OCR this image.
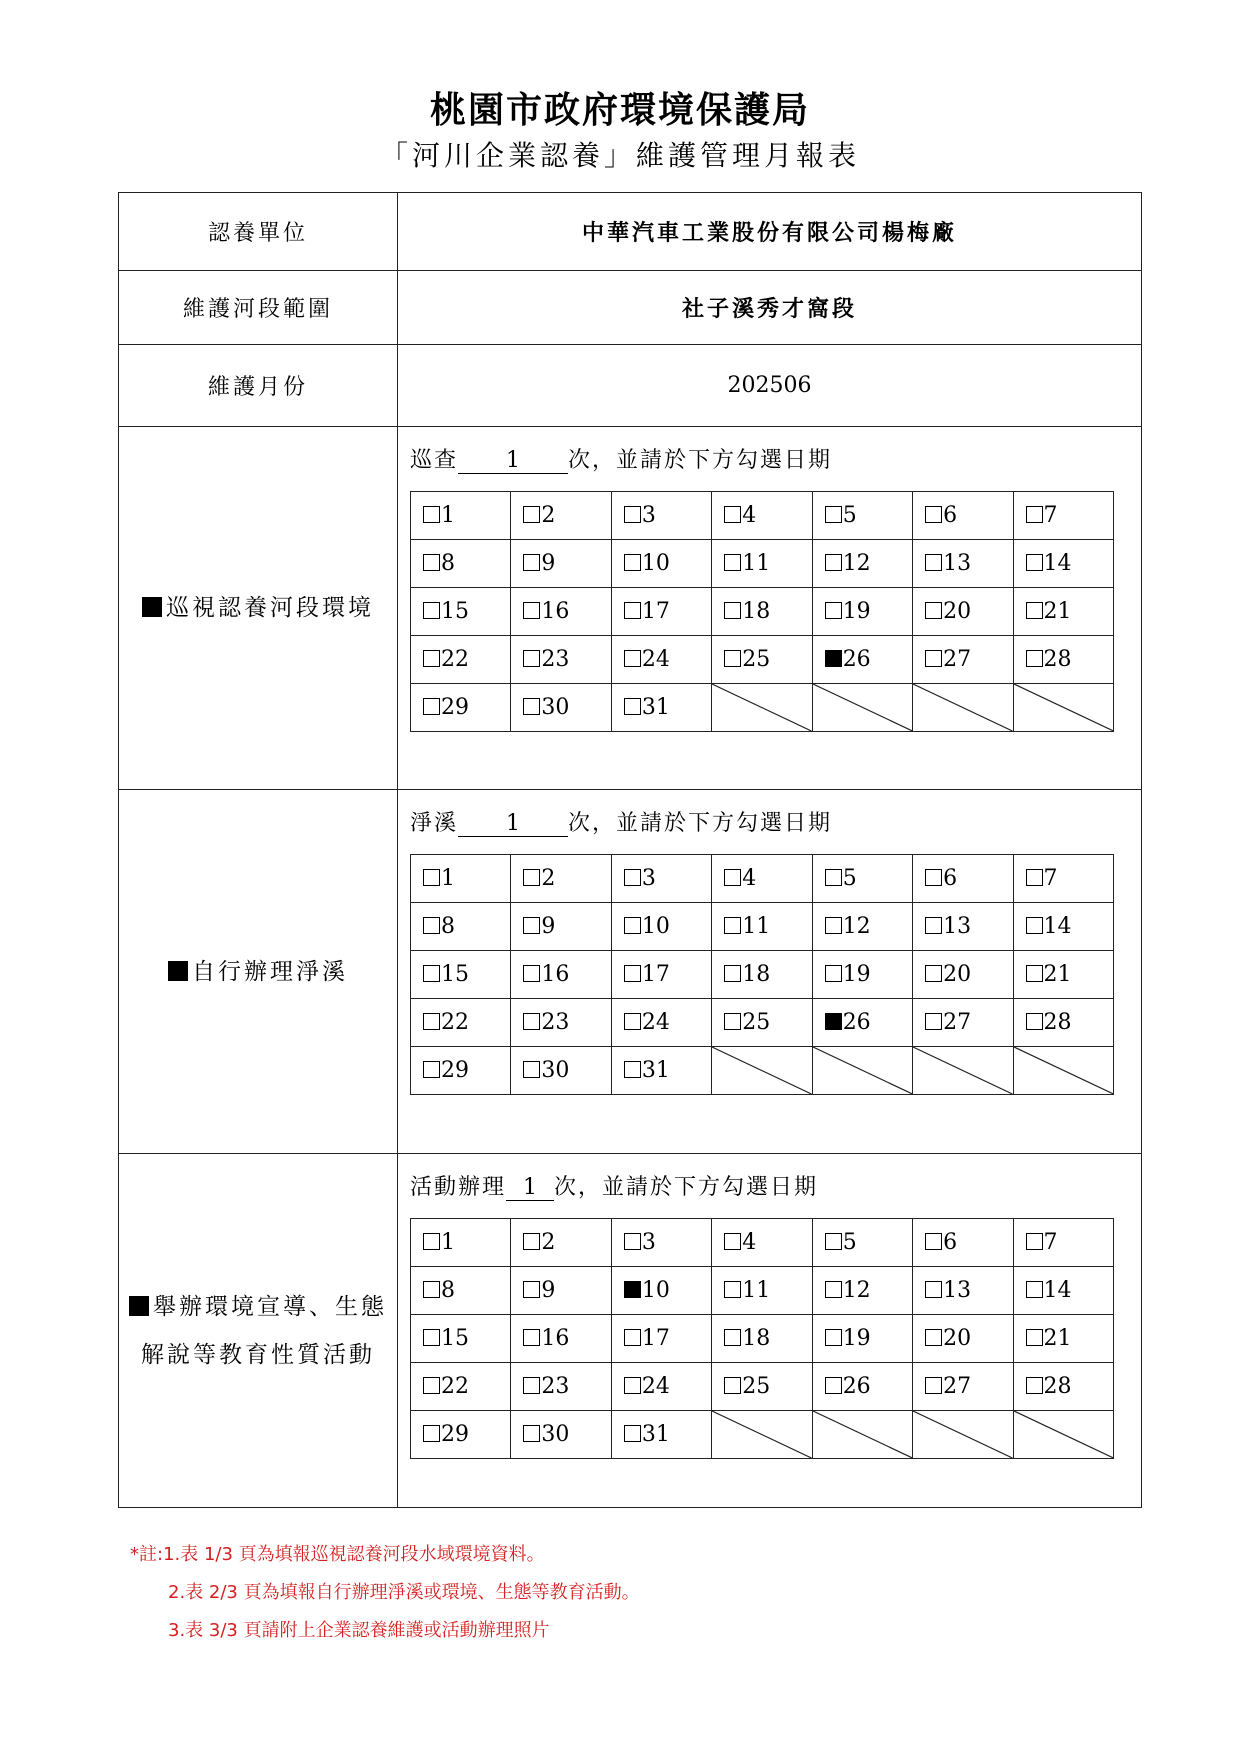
桃園市政府環境保護局
「河川企業認養」維護管理月報表
認養單位	中華汽車工業股份有限公司楊梅廠
維護河段範圍	社子溪秀才窩段
維護月份	202506

巡視認養河段環境

巡查 1 次，並請於下方勾選日期
1	2	3	4	5	6	7
8	9	10	11	12	13	14
15	16	17	18	19	20	21
22	23	24	25	26	27	28
29	30	31	

自行辦理淨溪

淨溪 1 次，並請於下方勾選日期
1	2	3	4	5	6	7
8	9	10	11	12	13	14
15	16	17	18	19	20	21
22	23	24	25	26	27	28
29	30	31	

舉辦環境宣導、生態
解說等教育性質活動

活動辦理 1 次，並請於下方勾選日期
1	2	3	4	5	6	7
8	9	10	11	12	13	14
15	16	17	18	19	20	21
22	23	24	25	26	27	28
29	30	31	

*註:1.表 1/3 頁為填報巡視認養河段水域環境資料。
2.表 2/3 頁為填報自行辦理淨溪或環境、生態等教育活動。
3.表 3/3 頁請附上企業認養維護或活動辦理照片
